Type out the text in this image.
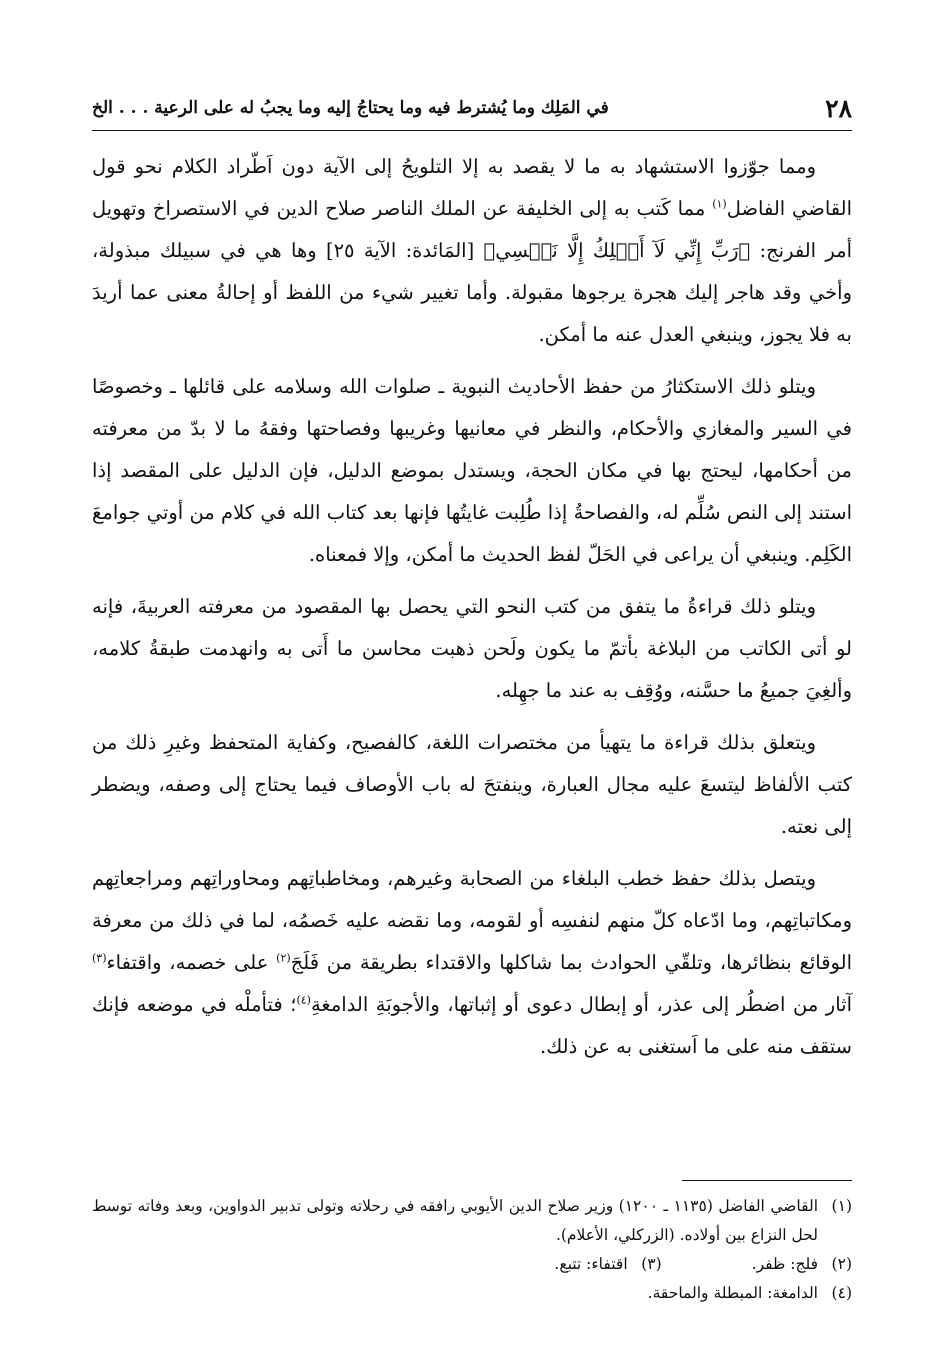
٢٨
في المَلِك وما يُشترط فيه وما يحتاجُ إليه وما يجبُ له على الرعية . . . الخ

ومما جوّزوا الاستشهاد به ما لا يقصد به إلا التلويحُ إلى الآية دون اَطّراد الكلام نحو قول القاضي الفاضل$^{(١)}$ مما كَتب به إلى الخليفة عن الملك الناصر صلاح الدين في الاستصراخ وتهويل أمر الفرنج: ﴿رَبِّ إِنِّي لَآ أَمۡلِكُ إِلَّا نَفۡسِي﴾ [المَائدة: الآية ٢٥] وها هي في سبيلك مبذولة، وأخي وقد هاجر إليك هجرة يرجوها مقبولة. وأما تغيير شيء من اللفظ أو إحالةُ معنى عما أريدَ به فلا يجوز، وينبغي العدل عنه ما أمكن.

ويتلو ذلك الاستكثارُ من حفظ الأحاديث النبوية ـ صلوات الله وسلامه على قائلها ـ وخصوصًا في السير والمغازي والأحكام، والنظر في معانيها وغريبها وفصاحتها وفقهُ ما لا بدّ من معرفته من أحكامها، ليحتج بها في مكان الحجة، ويستدل بموضع الدليل، فإن الدليل على المقصد إذا استند إلى النص سُلِّم له، والفصاحةُ إذا طُلِبت غايتُها فإنها بعد كتاب الله في كلام من أوتي جوامعَ الكَلِم. وينبغي أن يراعى في الحَلّ لفظ الحديث ما أمكن، وإلا فمعناه.

ويتلو ذلك قراءةُ ما يتفق من كتب النحو التي يحصل بها المقصود من معرفته العربيةَ، فإنه لو أتى الكاتب من البلاغة بأتمّ ما يكون ولَحن ذهبت محاسن ما أَتى به وانهدمت طبقةُ كلامه، وألغِيَ جميعُ ما حسَّنه، ووُقِف به عند ما جهِله.

ويتعلق بذلك قراءة ما يتهيأ من مختصرات اللغة، كالفصيح، وكفاية المتحفظ وغيرِ ذلك من كتب الألفاظ ليتسعَ عليه مجال العبارة، وينفتحَ له باب الأوصاف فيما يحتاج إلى وصفه، ويضطر إلى نعته.

ويتصل بذلك حفظ خطب البلغاء من الصحابة وغيرهم، ومخاطباتِهم ومحاوراتِهم ومراجعاتِهم ومكاتباتِهم، وما ادّعاه كلّ منهم لنفسِه أو لقومه، وما نقضه عليه خَصمُه، لما في ذلك من معرفة الوقائع بنظائرها، وتلقّي الحوادث بما شاكلها والاقتداء بطريقة من فَلَجَ$^{(٢)}$ على خصمه، واقتفاء$^{(٣)}$ آثار من اضطُر إلى عذر، أو إبطال دعوى أو إثباتها، والأجوبَةِ الدامغةِ$^{(٤)}$؛ فتأملْه في موضعه فإنك ستقف منه على ما اَستغنى به عن ذلك.

(١)
القاضي الفاضل (١١٣٥ ـ ١٢٠٠) وزير صلاح الدين الأيوبي رافقه في رحلاته وتولى تدبير الدواوين، وبعد وفاته توسط لحل النزاع بين أولاده. (الزركلي، الأعلام).
(٢)
فلج: ظفر.
(٣)
اقتفاء: تتبع.
(٤)
الدامغة: المبطلة والماحقة.
